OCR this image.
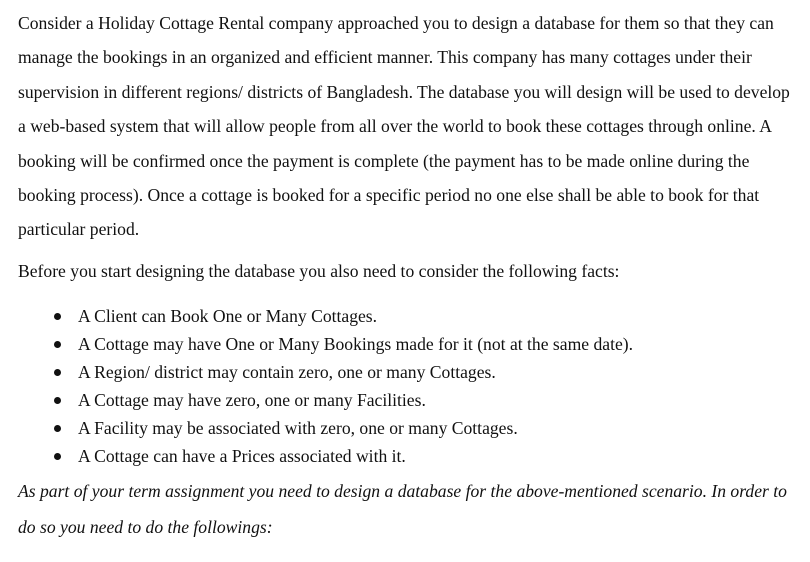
Consider a Holiday Cottage Rental company approached you to design a database for them so that they can manage the bookings in an organized and efficient manner. This company has many cottages under their supervision in different regions/ districts of Bangladesh. The database you will design will be used to develop a web-based system that will allow people from all over the world to book these cottages through online. A booking will be confirmed once the payment is complete (the payment has to be made online during the booking process). Once a cottage is booked for a specific period no one else shall be able to book for that particular period.

Before you start designing the database you also need to consider the following facts:

A Client can Book One or Many Cottages.
A Cottage may have One or Many Bookings made for it (not at the same date).
A Region/ district may contain zero, one or many Cottages.
A Cottage may have zero, one or many Facilities.
A Facility may be associated with zero, one or many Cottages.
A Cottage can have a Prices associated with it.

As part of your term assignment you need to design a database for the above-mentioned scenario. In order to do so you need to do the followings:
